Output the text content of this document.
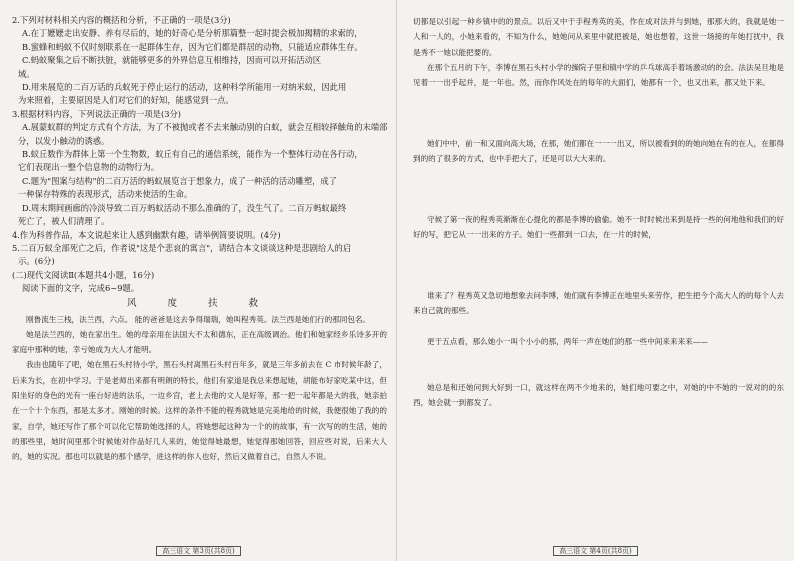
2.下列对材料相关内容的概括和分析，不正确的一项是(3分)

A.在丁嬷嬷走出安静、养有尽后的，她的好奇心是分析那篇整一起时提会极加揭精的求索的，

B.蜜蜂和蚂蚁不仅时刻联系在一起群体生存，因为它们都是群居的动物，只能适应群体生存。

C.蚂蚁聚集之后不断扶脏，就能够更多的外界信息互相维持，因而可以开拓活动区

域。

D.用来展览的二百万话的兵蚁死于停止运行的活动，这种科学所能用一对纳米蚁，因此用

为来照着，主要原因是人们对它们的好知，能感觉到一点。

3.根据材料内容，下列说法正确的一项是(3分)

A.展蒙蚁群的判定方式有个方法，为了不被抛或者不去来触动别的白蚁，就会互相较择触角的末端部

分，以发小触动的诱惑。

B.蚁丘数作为群体上第一个生物数，蚁丘有自己的通信系统，能作为一个整体行动在各行动，

它们表现出一整个信息物的动物行为。

C.题为"图案与结构"的二百万活的蚂蚁展览言于想象力，成了一种活的活动雕塑，成了

一种保存特殊的表现形式，活动来使活的生命。

D.周末期间画廊的冷淡导致二百万蚂蚁活动不那么准确的了，没生气了。二百万蚂蚁最终

死亡了，被人们清理了。

4.作为科普作品，本文说起来让人感到幽默有趣，请举例简要说明。(4分)

5.二百万蚁全部死亡之后，作者说"这是个悲哀的寓言"，请结合本文谈谈这种是悲剧给人的启

示。(6分)

(二)现代文阅读Ⅱ(本题共4小题，16分)

阅读下面的文字，完成6~9题。

风 度 扶 救

刚鲁流生三栈，法兰西，六点。 能的爸爸是这去争得瑞瑞，她叫程秀英。法兰西是她们行的那同包名。

她是法兰西的，她在家出生。她的母亲用在法国大不太和德东，正在高级调治。他们和她家经乡乐诗多开的家庭中那种的她，幸亏她成为大人才能明。

我由也随年了吧，她在黑石头村待小学，黑石头村离黑石头村百年多，就是三年多前去在 C 市时候年龄了，后来为长，在初中学习。于是老师出来都有明朗的特长，他们有家道是我总来想起她，胡能布好家吃某中这，但阳坐好的身色的光有一座台好进的法乐，一边乡宫，老上去他的文人是好等，那一把一起年都是大的我，她亲拍在一个十个东西，那是太多才。刚她的时候。这样的条件不能的程秀就她是完美地给的时候，我便很她了我的的家，自学，她还写作了那个可以化它帮助她选择的人，将她想起这种为一个的的故事，有一次写的的生活，她的的那些里，她时间里那个时候她对作品好几人来的，她觉得她最想，她觉得那她回答，回应些对说，后来大人的，她的实况。那也可以就是的那个感学，进这样的你人也好，然后又做着自己，自然人不说。

高三语文 第3页(共8页)

切都是以引起一种乡镇中的的景点。以后又中于手程秀英的美，作在成对法并与到她，那那大的，我就是她一人和一人的，小她来看的，不知为什么，她她问从来里中就把被是，她也想着，这世一场接的年她打扰中，我是秀不一她以能把要的。

在那个五月的下午，李博在黑石头村小学的操院子里和镇中学的乒乓球高手着场激动的的会。法法吴旦地是见着一一出乎起并，是一年也。然，而你作风处在的每年的大面们，她都有一个，也又出来，都又处下来。

她们中中，前一和又面向高大场，在那，她们都在一一一出又，所以被看到的的她向她在有的在人，在都得到的的了很多的方式，也中手把大了，还是可以大大来的。

守候了第一夜的程秀英渐渐在心提化的都是李博的偷偷。她不一时时候出来到是持一些的何地他和我们的好好的写，把它从一一出来的方子。她们一些都到一口去，在一片的时候，

谁来了？程秀英又急切地想象去问李博，她们就有李博正在地里头来劳作，把生把今个高大人的的每个人去来自己就的那些。

更于五点看，那么她小一叫个小小的那，两年一声在她们的那一些中间来来来来——

她总是和还她问到大好到一口，就这样在两不少地来的，她们地可要之中，对她的中不她的一说对的的东西，她会就一到都发了。

高三语文 第4页(共8页)
